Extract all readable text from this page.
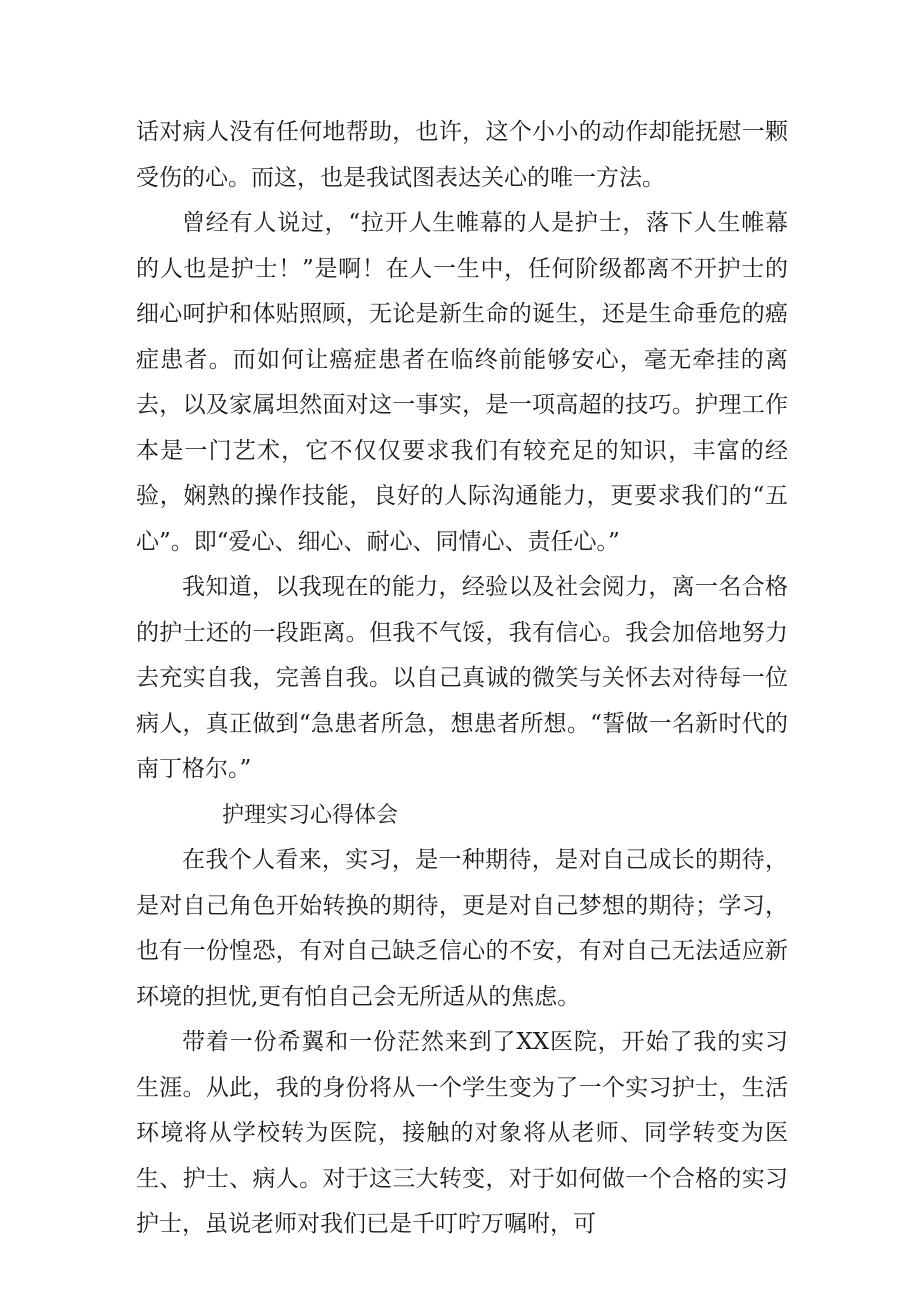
话对病人没有任何地帮助，也许，这个小小的动作却能抚慰一颗受伤的心。而这，也是我试图表达关心的唯一方法。

曾经有人说过，“拉开人生帷幕的人是护士，落下人生帷幕的人也是护士！”是啊！在人一生中，任何阶级都离不开护士的细心呵护和体贴照顾，无论是新生命的诞生，还是生命垂危的癌症患者。而如何让癌症患者在临终前能够安心，毫无牵挂的离去，以及家属坦然面对这一事实，是一项高超的技巧。护理工作本是一门艺术，它不仅仅要求我们有较充足的知识，丰富的经验，娴熟的操作技能，良好的人际沟通能力，更要求我们的“五心”。即“爱心、细心、耐心、同情心、责任心。”

我知道，以我现在的能力，经验以及社会阅力，离一名合格的护士还的一段距离。但我不气馁，我有信心。我会加倍地努力去充实自我，完善自我。以自己真诚的微笑与关怀去对待每一位病人，真正做到“急患者所急，想患者所想。“誓做一名新时代的南丁格尔。”

护理实习心得体会

在我个人看来，实习，是一种期待，是对自己成长的期待，是对自己角色开始转换的期待，更是对自己梦想的期待；学习，也有一份惶恐，有对自己缺乏信心的不安，有对自己无法适应新环境的担忧,更有怕自己会无所适从的焦虑。

带着一份希翼和一份茫然来到了XX医院，开始了我的实习生涯。从此，我的身份将从一个学生变为了一个实习护士，生活环境将从学校转为医院，接触的对象将从老师、同学转变为医生、护士、病人。对于这三大转变，对于如何做一个合格的实习护士，虽说老师对我们已是千叮咛万嘱咐，可
